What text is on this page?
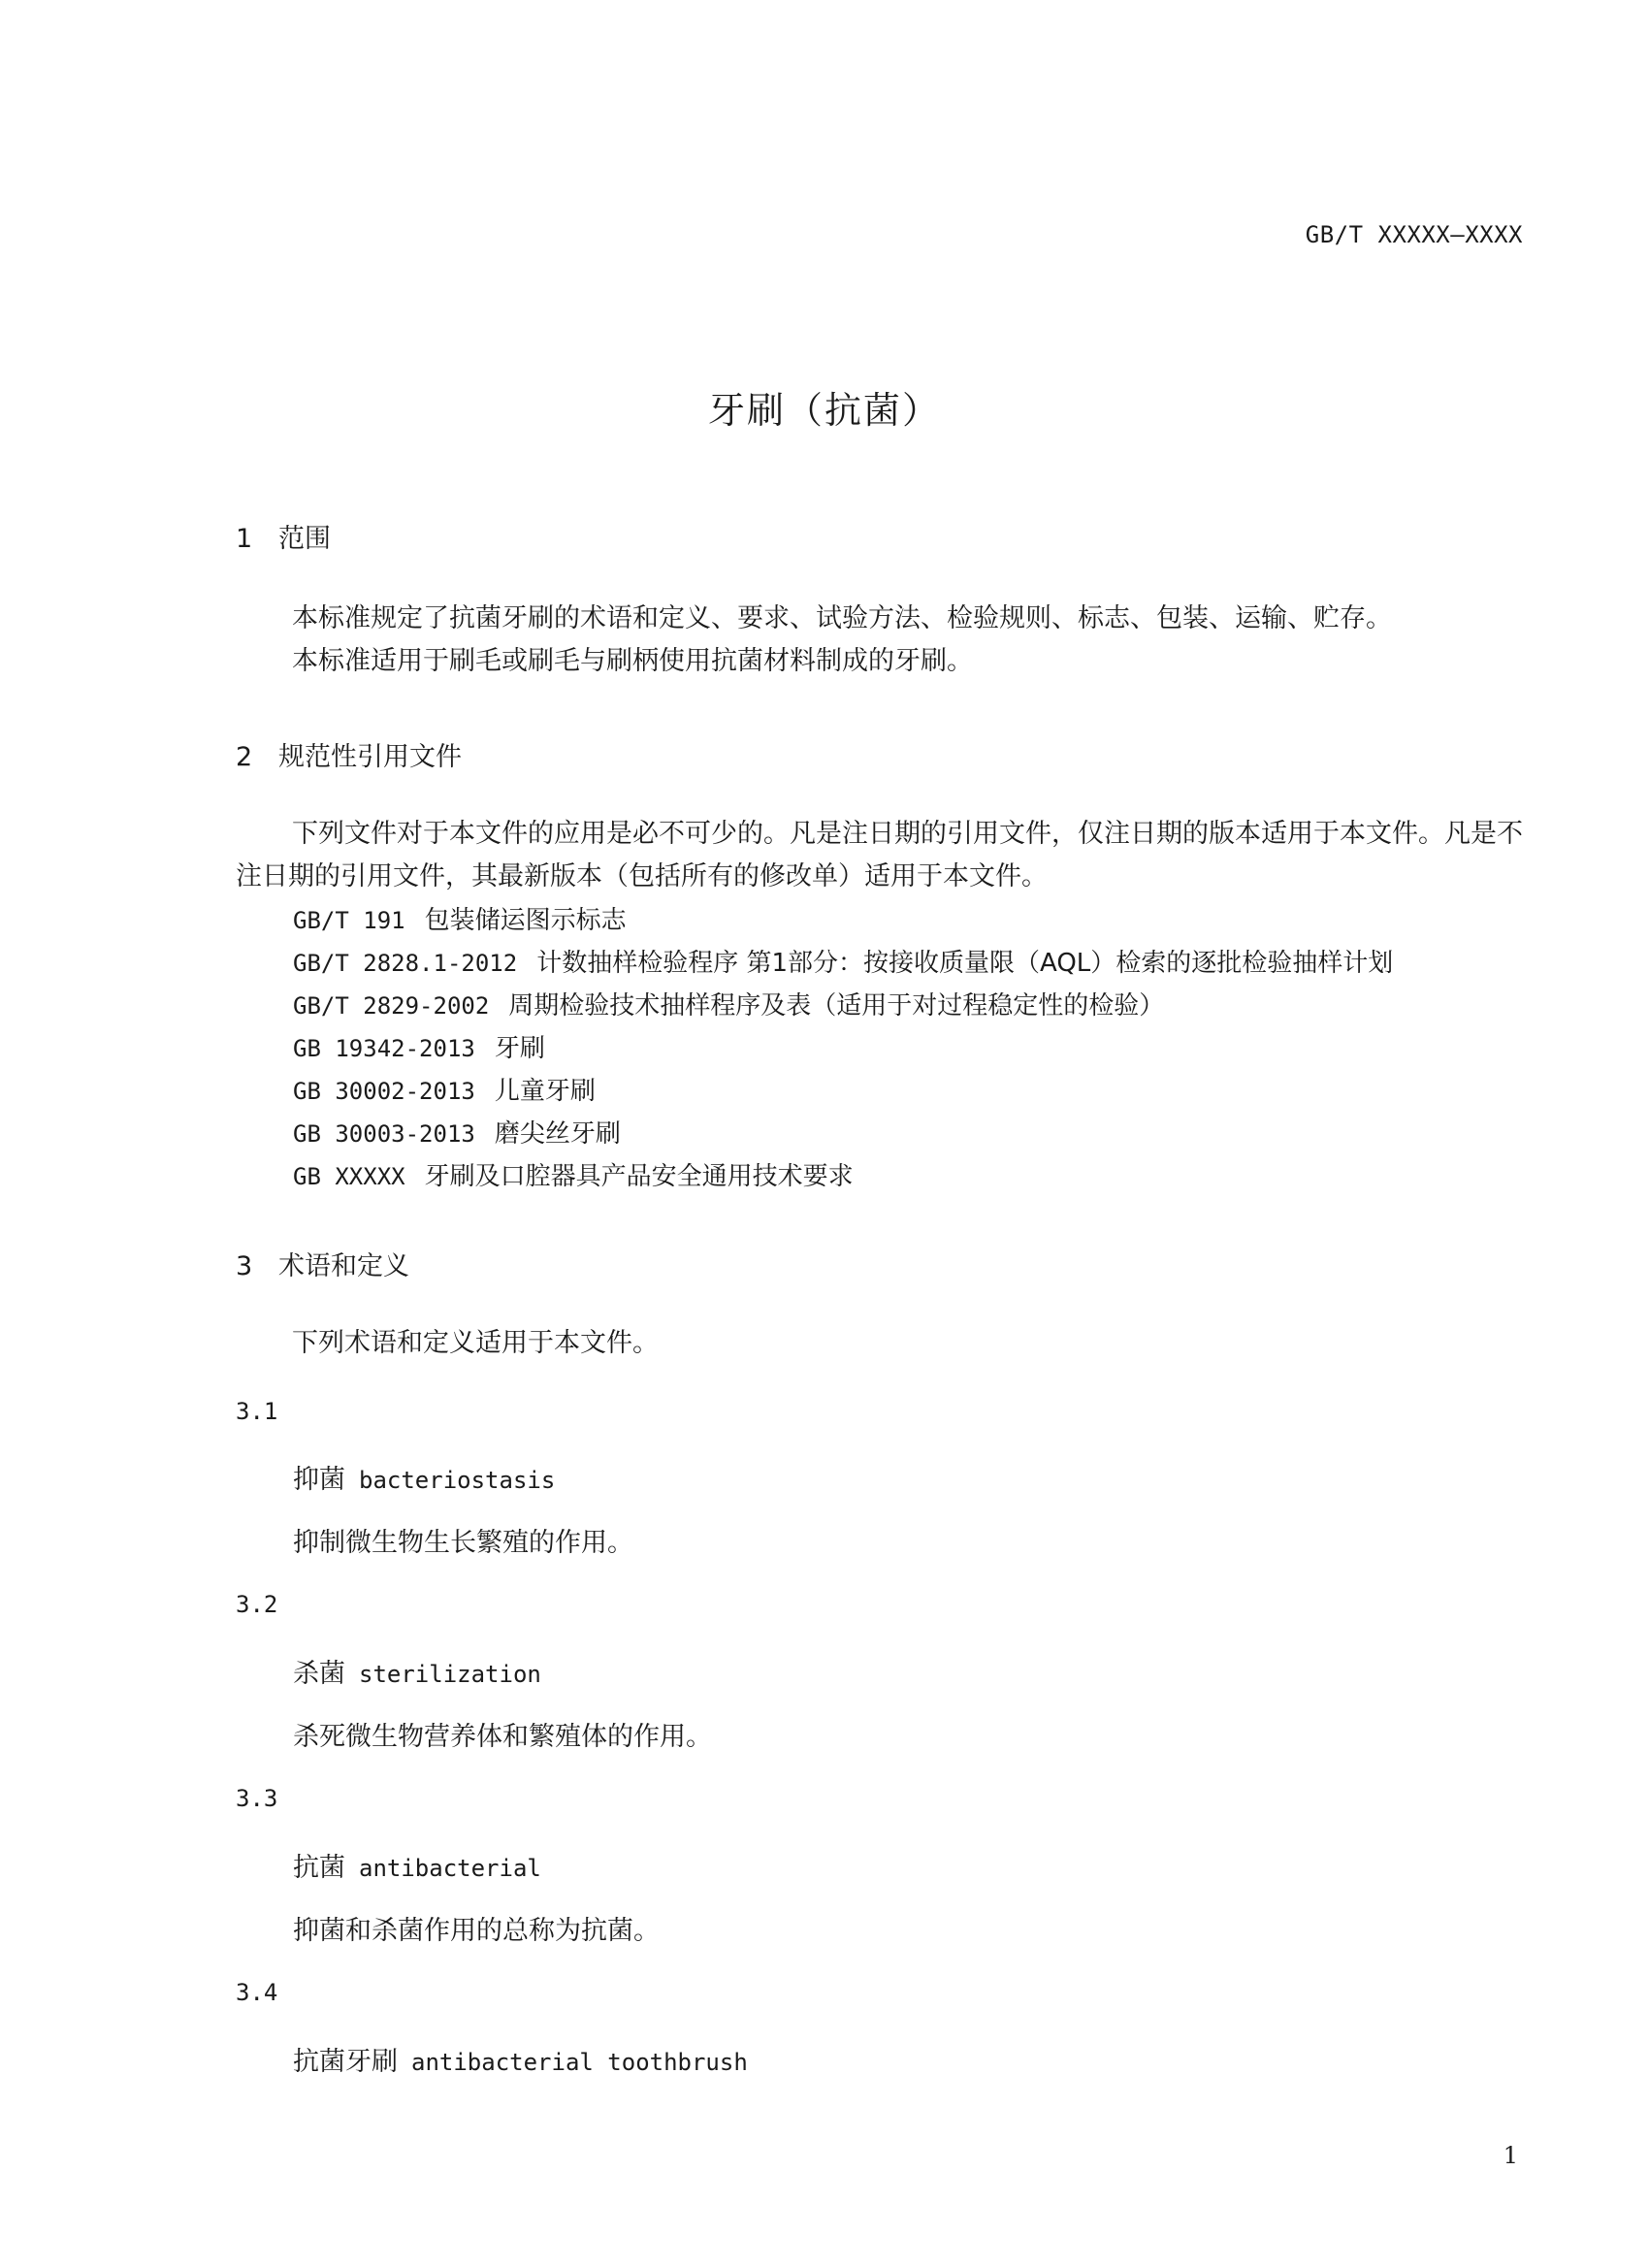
GB/T XXXXX—XXXX
牙刷（抗菌）
1 范围

本标准规定了抗菌牙刷的术语和定义、要求、试验方法、检验规则、标志、包装、运输、贮存。

本标准适用于刷毛或刷毛与刷柄使用抗菌材料制成的牙刷。

2 规范性引用文件

下列文件对于本文件的应用是必不可少的。凡是注日期的引用文件，仅注日期的版本适用于本文件。凡是不注日期的引用文件，其最新版本（包括所有的修改单）适用于本文件。

GB/T 191 包装储运图示标志
GB/T 2828.1-2012 计数抽样检验程序 第1部分：按接收质量限（AQL）检索的逐批检验抽样计划
GB/T 2829-2002 周期检验技术抽样程序及表（适用于对过程稳定性的检验）
GB 19342-2013 牙刷
GB 30002-2013 儿童牙刷
GB 30003-2013 磨尖丝牙刷
GB XXXXX 牙刷及口腔器具产品安全通用技术要求
3 术语和定义

下列术语和定义适用于本文件。

3.1
抑菌 bacteriostasis
抑制微生物生长繁殖的作用。
3.2
杀菌 sterilization
杀死微生物营养体和繁殖体的作用。
3.3
抗菌 antibacterial
抑菌和杀菌作用的总称为抗菌。
3.4
抗菌牙刷 antibacterial toothbrush
1
